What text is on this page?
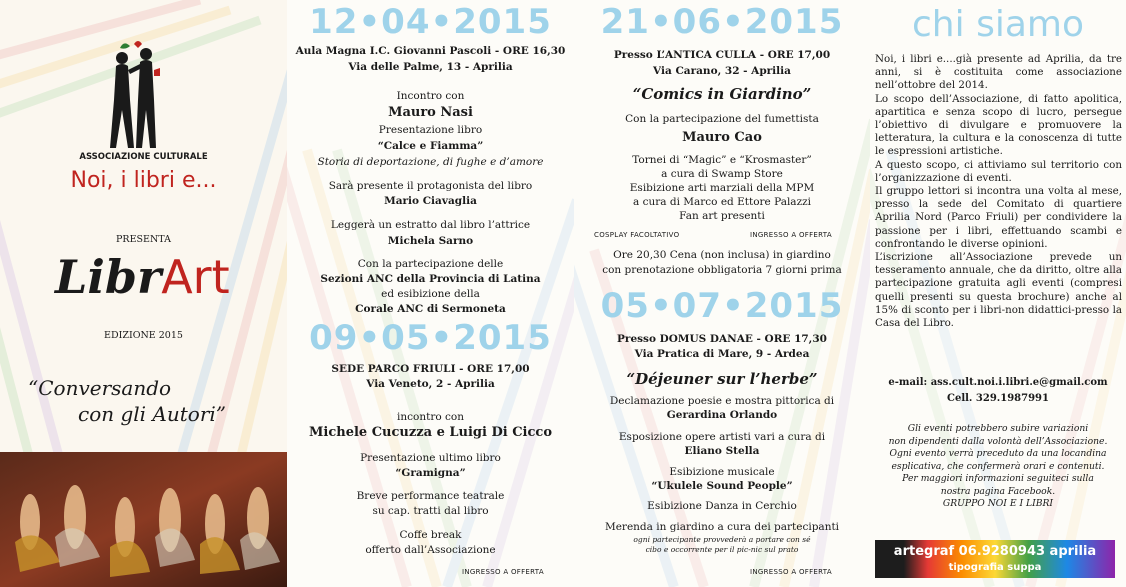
ASSOCIAZIONE CULTURALE
Noi, i libri e...
PRESENTA
LibrArt
EDIZIONE 2015
“Conversando
con gli Autori”
12•04•2015
Aula Magna I.C. Giovanni Pascoli - ORE 16,30
Via delle Palme, 13 - Aprilia
Incontro con
Mauro Nasi
Presentazione libro
“Calce e Fiamma”
Storia di deportazione, di fughe e d’amore
Sarà presente il protagonista del libro
Mario Ciavaglia
Leggerà un estratto dal libro l’attrice
Michela Sarno
Con la partecipazione delle
Sezioni ANC della Provincia di Latina
ed esibizione della
Corale ANC di Sermoneta
09•05•2015
SEDE PARCO FRIULI - ORE 17,00
Via Veneto, 2 - Aprilia
incontro con
Michele Cucuzza e Luigi Di Cicco
Presentazione ultimo libro
“Gramigna”
Breve performance teatrale
su cap. tratti dal libro
Coffe break
offerto dall’Associazione
INGRESSO A OFFERTA
21•06•2015
Presso L’ANTICA CULLA - ORE 17,00
Via Carano, 32 - Aprilia
“Comics in Giardino”
Con la partecipazione del fumettista
Mauro Cao
Tornei di “Magic” e “Krosmaster”
a cura di Swamp Store
Esibizione arti marziali della MPM
a cura di Marco ed Ettore Palazzi
Fan art presenti
COSPLAY FACOLTATIVO	INGRESSO A OFFERTA
Ore 20,30 Cena (non inclusa) in giardino
con prenotazione obbligatoria 7 giorni prima
05•07•2015
Presso DOMUS DANAE - ORE 17,30
Via Pratica di Mare, 9 - Ardea
“Déjeuner sur l’herbe”
Declamazione poesie e mostra pittorica di
Gerardina Orlando
Esposizione opere artisti vari a cura di
Eliano Stella
Esibizione musicale
“Ukulele Sound People”
Esibizione Danza in Cerchio
Merenda in giardino a cura dei partecipanti
ogni partecipante provvederà a portare con sé
cibo e occorrente per il pic-nic sul prato
INGRESSO A OFFERTA
chi siamo

Noi, i libri e....già presente ad Aprilia, da tre anni, si è costituita come associazione nell’ottobre del 2014.

Lo scopo dell’Associazione, di fatto apolitica, apartitica e senza scopo di lucro, persegue l’obiettivo di divulgare e promuovere la letteratura, la cultura e la conoscenza di tutte le espressioni artistiche.

A questo scopo, ci attiviamo sul territorio con l’organizzazione di eventi.

Il gruppo lettori si incontra una volta al mese, presso la sede del Comitato di quartiere Aprilia Nord (Parco Friuli) per condividere la passione per i libri, effettuando scambi e confrontando le diverse opinioni.

L’iscrizione all’Associazione prevede un tesseramento annuale, che da diritto, oltre alla partecipazione gratuita agli eventi (compresi quelli presenti su questa brochure) anche al 15% di sconto per i libri-non didattici-presso la Casa del Libro.

e-mail: ass.cult.noi.i.libri.e@gmail.com
Cell. 329.1987991
Gli eventi potrebbero subire variazioni
non dipendenti dalla volontà dell’Associazione.
Ogni evento verrà preceduto da una locandina
esplicativa, che confermerà orari e contenuti.
Per maggiori informazioni seguiteci sulla
nostra pagina Facebook.
GRUPPO NOI E I LIBRI
artegraf 06.9280943 aprilia
tipografia suppa
